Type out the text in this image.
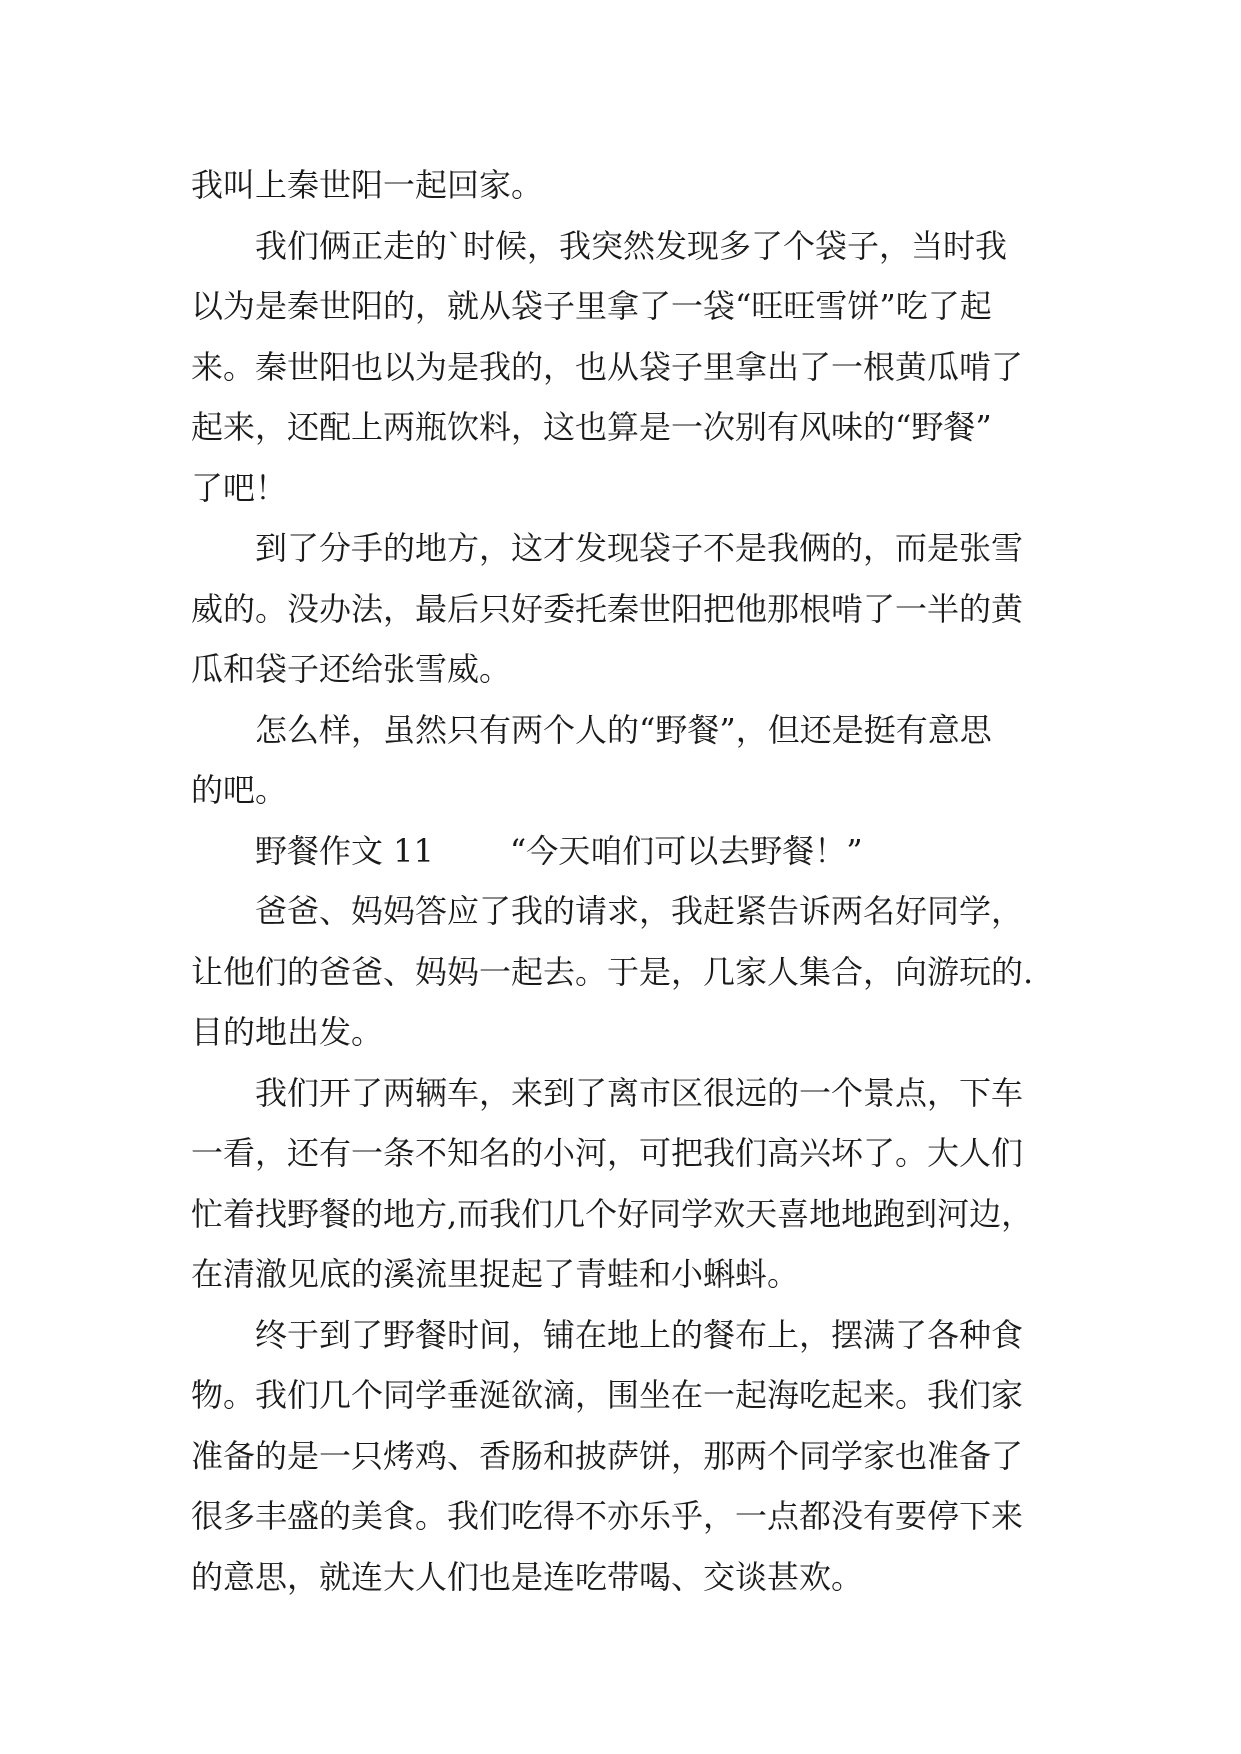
我叫上秦世阳一起回家。
　　我们俩正走的`时候，我突然发现多了个袋子，当时我
以为是秦世阳的，就从袋子里拿了一袋“旺旺雪饼”吃了起
来。秦世阳也以为是我的，也从袋子里拿出了一根黄瓜啃了
起来，还配上两瓶饮料，这也算是一次别有风味的“野餐”
了吧！
　　到了分手的地方，这才发现袋子不是我俩的，而是张雪
威的。没办法，最后只好委托秦世阳把他那根啃了一半的黄
瓜和袋子还给张雪威。
　　怎么样，虽然只有两个人的“野餐”，但还是挺有意思
的吧。
　　野餐作文 11 “今天咱们可以去野餐！”
　　爸爸、妈妈答应了我的请求，我赶紧告诉两名好同学，
让他们的爸爸、妈妈一起去。于是，几家人集合，向游玩的.
目的地出发。
　　我们开了两辆车，来到了离市区很远的一个景点，下车
一看，还有一条不知名的小河，可把我们高兴坏了。大人们
忙着找野餐的地方,而我们几个好同学欢天喜地地跑到河边，
在清澈见底的溪流里捉起了青蛙和小蝌蚪。
　　终于到了野餐时间，铺在地上的餐布上，摆满了各种食
物。我们几个同学垂涎欲滴，围坐在一起海吃起来。我们家
准备的是一只烤鸡、香肠和披萨饼，那两个同学家也准备了
很多丰盛的美食。我们吃得不亦乐乎，一点都没有要停下来
的意思，就连大人们也是连吃带喝、交谈甚欢。
